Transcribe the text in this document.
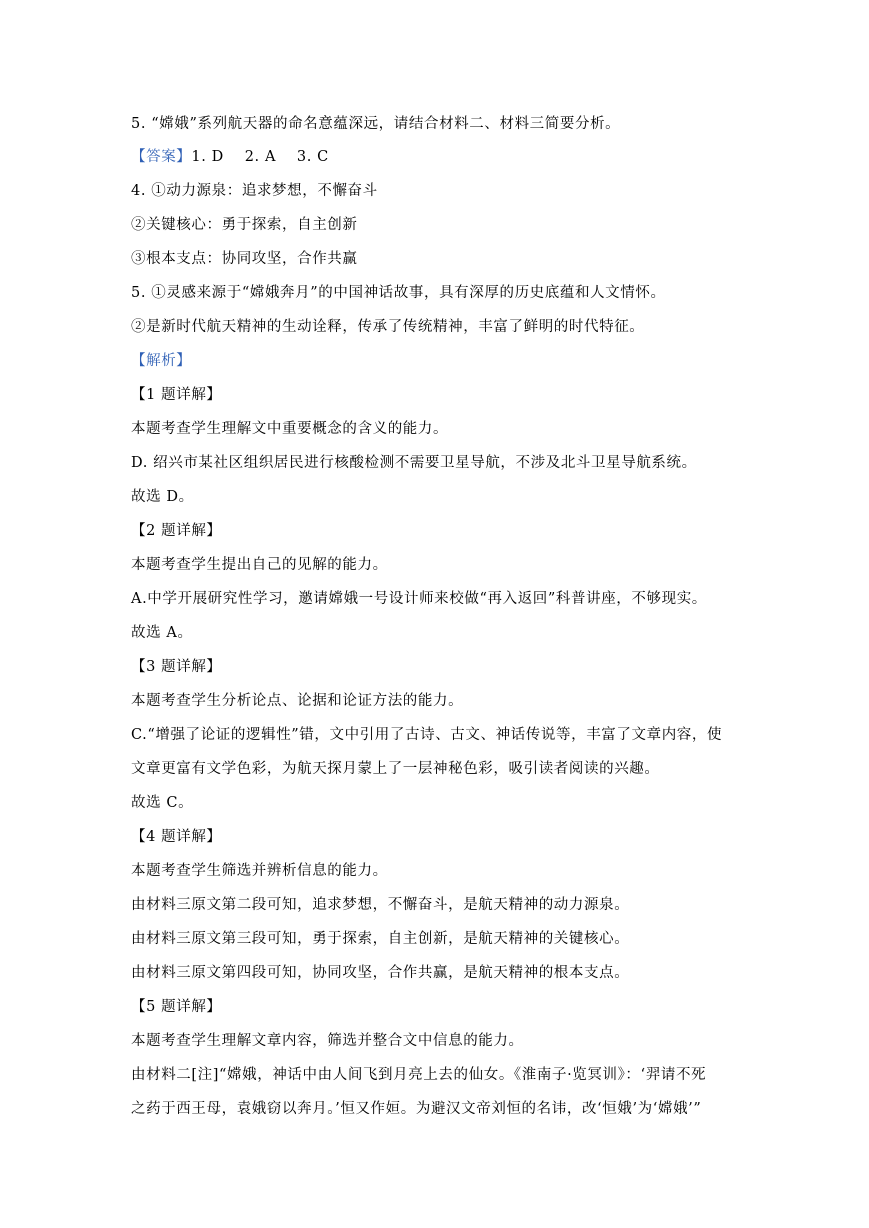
5. “嫦娥”系列航天器的命名意蕴深远，请结合材料二、材料三简要分析。
【答案】1. D    2. A    3. C
4. ①动力源泉：追求梦想，不懈奋斗
②关键核心：勇于探索，自主创新
③根本支点：协同攻坚，合作共赢
5. ①灵感来源于“嫦娥奔月”的中国神话故事，具有深厚的历史底蕴和人文情怀。
②是新时代航天精神的生动诠释，传承了传统精神，丰富了鲜明的时代特征。
【解析】
【1 题详解】
本题考查学生理解文中重要概念的含义的能力。
D. 绍兴市某社区组织居民进行核酸检测不需要卫星导航，不涉及北斗卫星导航系统。
故选 D。
【2 题详解】
本题考查学生提出自己的见解的能力。
A.中学开展研究性学习，邀请嫦娥一号设计师来校做“再入返回”科普讲座，不够现实。
故选 A。
【3 题详解】
本题考查学生分析论点、论据和论证方法的能力。
C.“增强了论证的逻辑性”错，文中引用了古诗、古文、神话传说等，丰富了文章内容，使
文章更富有文学色彩，为航天探月蒙上了一层神秘色彩，吸引读者阅读的兴趣。
故选 C。
【4 题详解】
本题考查学生筛选并辨析信息的能力。
由材料三原文第二段可知，追求梦想，不懈奋斗，是航天精神的动力源泉。
由材料三原文第三段可知，勇于探索，自主创新，是航天精神的关键核心。
由材料三原文第四段可知，协同攻坚，合作共赢，是航天精神的根本支点。
【5 题详解】
本题考查学生理解文章内容，筛选并整合文中信息的能力。
由材料二[注]“嫦娥，神话中由人间飞到月亮上去的仙女。《淮南子·览冥训》：‘羿请不死
之药于西王母，袁娥窃以奔月。’恒又作姮。为避汉文帝刘恒的名讳，改‘恒娥’为‘嫦娥’”
